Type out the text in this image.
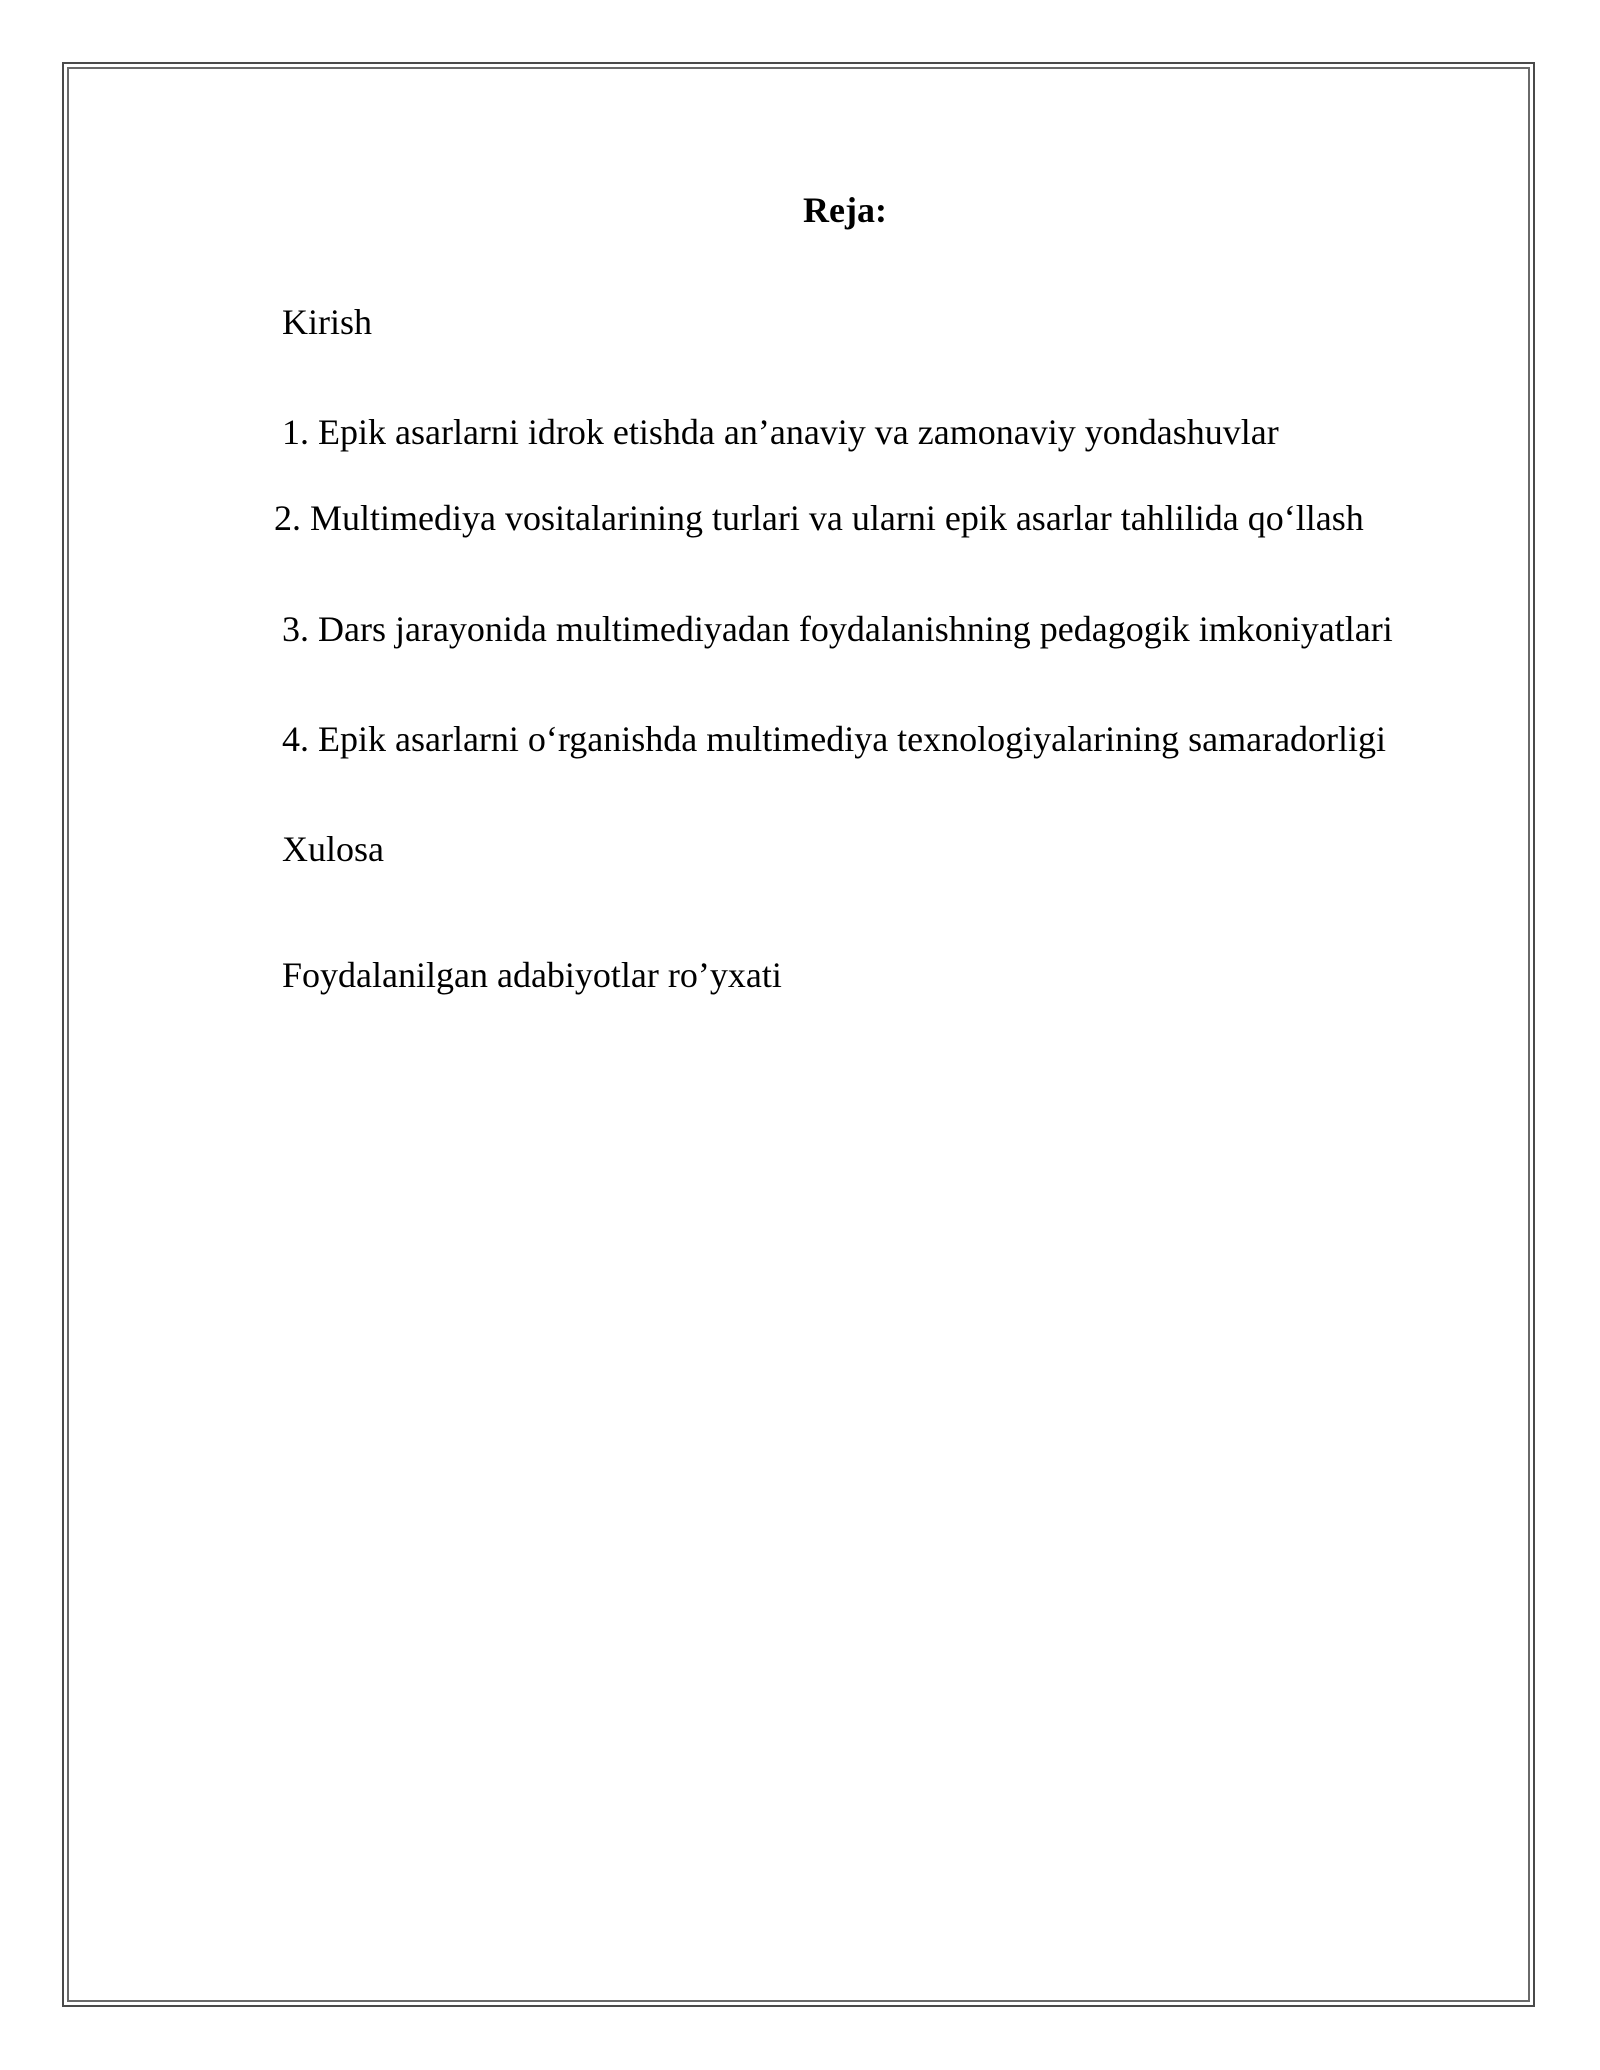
Reja:
Kirish
1. Epik asarlarni idrok etishda an’anaviy va zamonaviy yondashuvlar
2. Multimediya vositalarining turlari va ularni epik asarlar tahlilida qo‘llash
3. Dars jarayonida multimediyadan foydalanishning pedagogik imkoniyatlari
4. Epik asarlarni o‘rganishda multimediya texnologiyalarining samaradorligi
Xulosa
Foydalanilgan adabiyotlar ro’yxati
